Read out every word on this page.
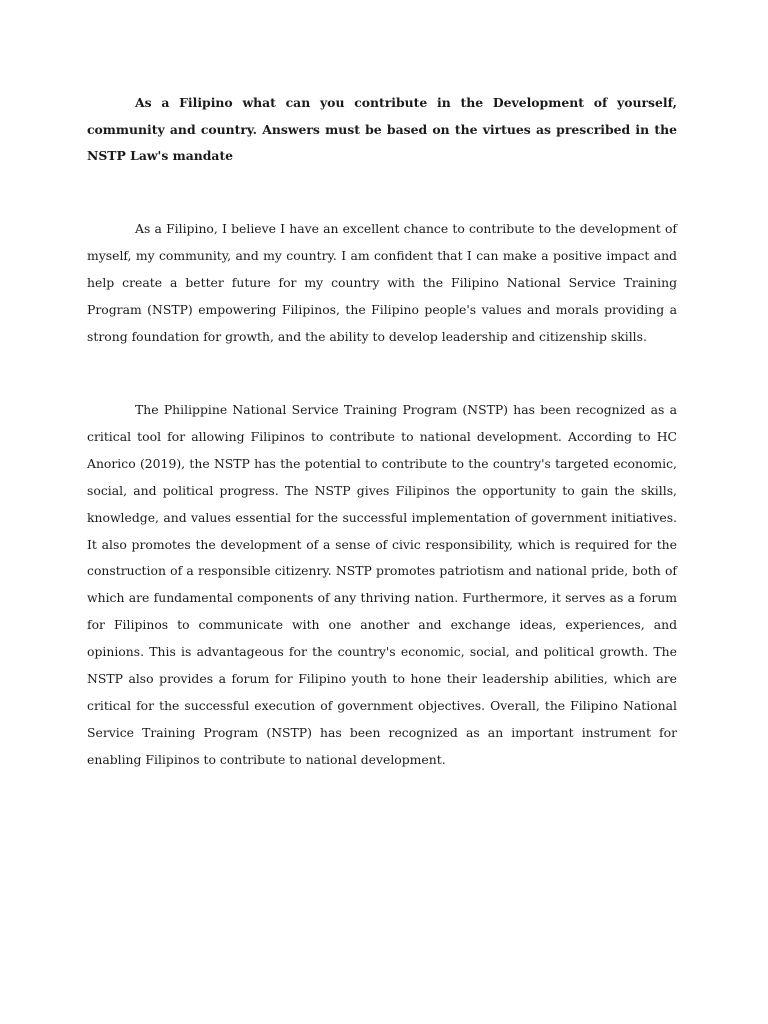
As a Filipino what can you contribute in the Development of yourself, community and country. Answers must be based on the virtues as prescribed in the NSTP Law's mandate

As a Filipino, I believe I have an excellent chance to contribute to the development of myself, my community, and my country. I am confident that I can make a positive impact and help create a better future for my country with the Filipino National Service Training Program (NSTP) empowering Filipinos, the Filipino people's values and morals providing a strong foundation for growth, and the ability to develop leadership and citizenship skills.

The Philippine National Service Training Program (NSTP) has been recognized as a critical tool for allowing Filipinos to contribute to national development. According to HC Anorico (2019), the NSTP has the potential to contribute to the country's targeted economic, social, and political progress. The NSTP gives Filipinos the opportunity to gain the skills, knowledge, and values essential for the successful implementation of government initiatives. It also promotes the development of a sense of civic responsibility, which is required for the construction of a responsible citizenry. NSTP promotes patriotism and national pride, both of which are fundamental components of any thriving nation. Furthermore, it serves as a forum for Filipinos to communicate with one another and exchange ideas, experiences, and opinions. This is advantageous for the country's economic, social, and political growth. The NSTP also provides a forum for Filipino youth to hone their leadership abilities, which are critical for the successful execution of government objectives. Overall, the Filipino National Service Training Program (NSTP) has been recognized as an important instrument for enabling Filipinos to contribute to national development.
